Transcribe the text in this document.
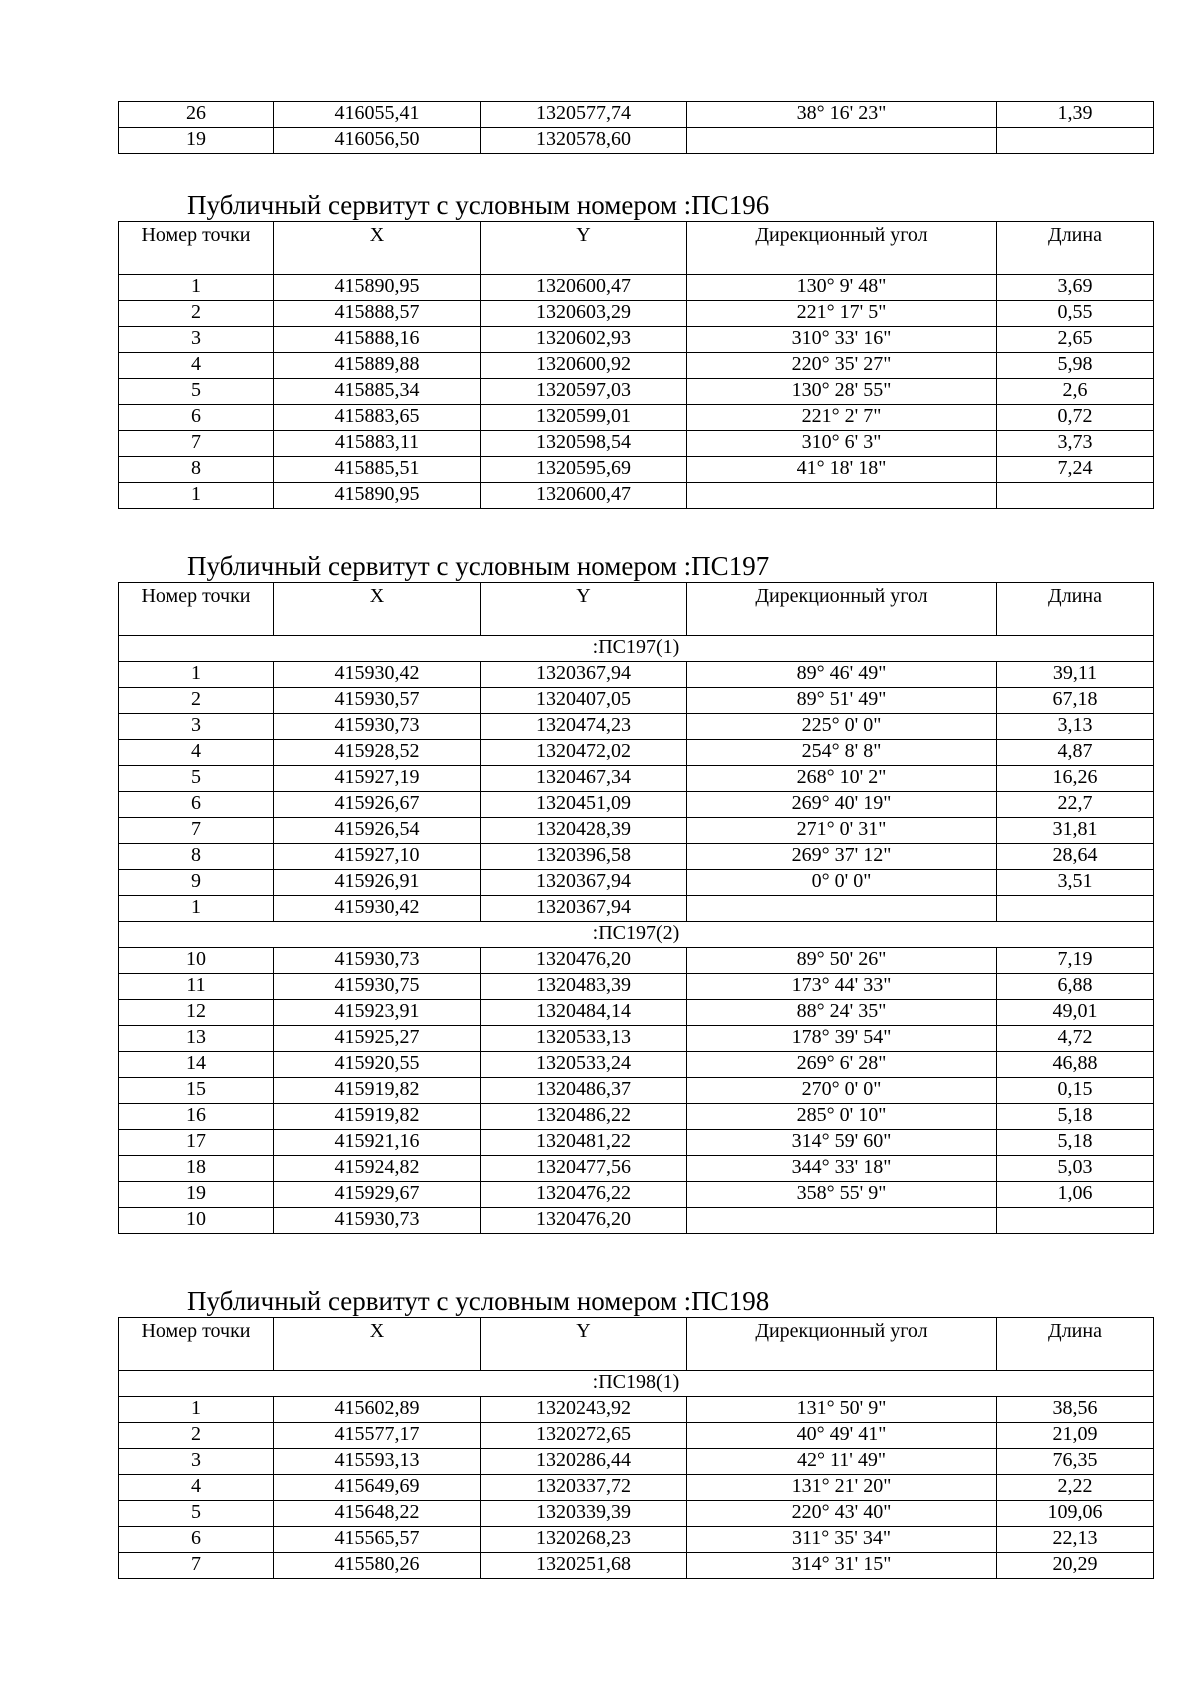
26	416055,41	1320577,74	38° 16' 23"	1,39
19	416056,50	1320578,60		
Публичный сервитут с условным номером :ПС196
Номер точки	X	Y	Дирекционный угол	Длина
1	415890,95	1320600,47	130° 9' 48"	3,69
2	415888,57	1320603,29	221° 17' 5"	0,55
3	415888,16	1320602,93	310° 33' 16"	2,65
4	415889,88	1320600,92	220° 35' 27"	5,98
5	415885,34	1320597,03	130° 28' 55"	2,6
6	415883,65	1320599,01	221° 2' 7"	0,72
7	415883,11	1320598,54	310° 6' 3"	3,73
8	415885,51	1320595,69	41° 18' 18"	7,24
1	415890,95	1320600,47		
Публичный сервитут с условным номером :ПС197
Номер точки	X	Y	Дирекционный угол	Длина
:ПС197(1)				
1	415930,42	1320367,94	89° 46' 49"	39,11
2	415930,57	1320407,05	89° 51' 49"	67,18
3	415930,73	1320474,23	225° 0' 0"	3,13
4	415928,52	1320472,02	254° 8' 8"	4,87
5	415927,19	1320467,34	268° 10' 2"	16,26
6	415926,67	1320451,09	269° 40' 19"	22,7
7	415926,54	1320428,39	271° 0' 31"	31,81
8	415927,10	1320396,58	269° 37' 12"	28,64
9	415926,91	1320367,94	0° 0' 0"	3,51
1	415930,42	1320367,94		
:ПС197(2)				
10	415930,73	1320476,20	89° 50' 26"	7,19
11	415930,75	1320483,39	173° 44' 33"	6,88
12	415923,91	1320484,14	88° 24' 35"	49,01
13	415925,27	1320533,13	178° 39' 54"	4,72
14	415920,55	1320533,24	269° 6' 28"	46,88
15	415919,82	1320486,37	270° 0' 0"	0,15
16	415919,82	1320486,22	285° 0' 10"	5,18
17	415921,16	1320481,22	314° 59' 60"	5,18
18	415924,82	1320477,56	344° 33' 18"	5,03
19	415929,67	1320476,22	358° 55' 9"	1,06
10	415930,73	1320476,20		
Публичный сервитут с условным номером :ПС198
Номер точки	X	Y	Дирекционный угол	Длина
:ПС198(1)				
1	415602,89	1320243,92	131° 50' 9"	38,56
2	415577,17	1320272,65	40° 49' 41"	21,09
3	415593,13	1320286,44	42° 11' 49"	76,35
4	415649,69	1320337,72	131° 21' 20"	2,22
5	415648,22	1320339,39	220° 43' 40"	109,06
6	415565,57	1320268,23	311° 35' 34"	22,13
7	415580,26	1320251,68	314° 31' 15"	20,29
